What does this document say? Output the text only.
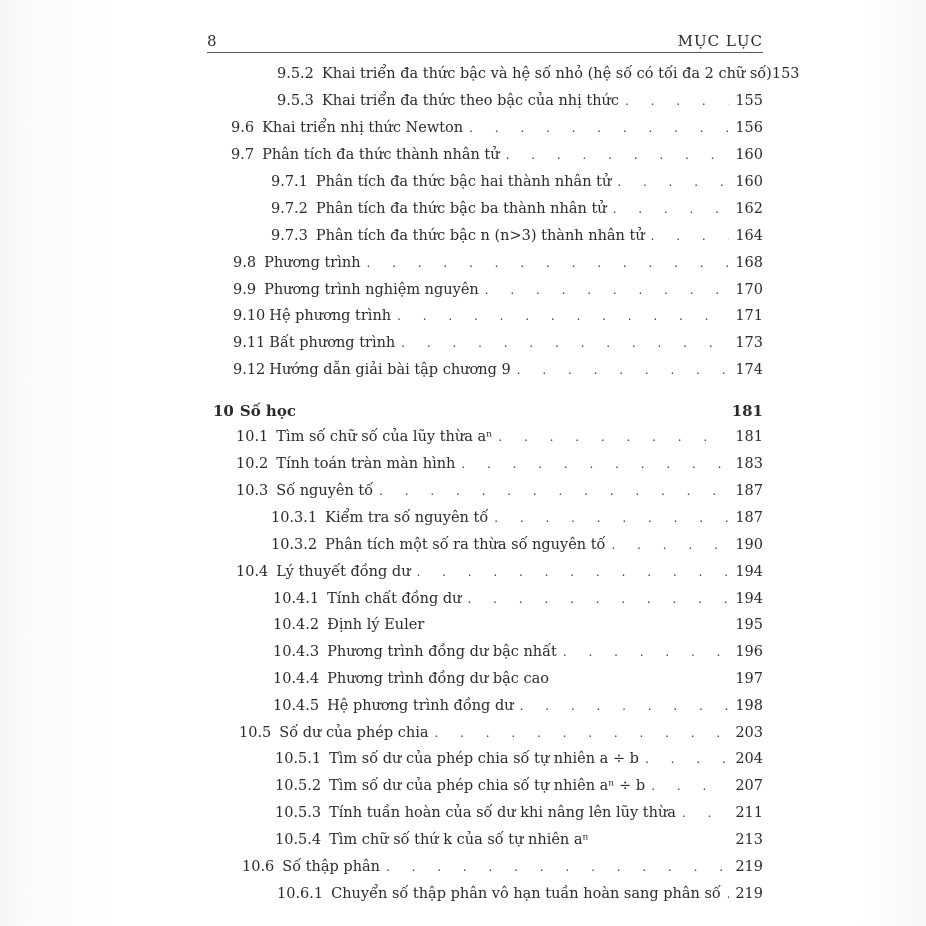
8	MỤC LỤC
9.5.2 Khai triển đa thức bậc và hệ số nhỏ (hệ số có tối đa 2 chữ số) 153
9.5.3 Khai triển đa thức theo bậc của nhị thức . . .	155
9.6 Khai triển nhị thức Newton . . .	156
9.7 Phân tích đa thức thành nhân tử . . .	160
9.7.1 Phân tích đa thức bậc hai thành nhân tử . . .	160
9.7.2 Phân tích đa thức bậc ba thành nhân tử . . .	162
9.7.3 Phân tích đa thức bậc n (n>3) thành nhân tử . . .	164
9.8 Phương trình . . .	168
9.9 Phương trình nghiệm nguyên . . .	170
9.10 Hệ phương trình . . .	171
9.11 Bất phương trình . . .	173
9.12 Hướng dẫn giải bài tập chương 9 . . .	174
10 Số học	181
10.1 Tìm số chữ số của lũy thừa aⁿ . . .	181
10.2 Tính toán tràn màn hình . . .	183
10.3 Số nguyên tố . . .	187
10.3.1 Kiểm tra số nguyên tố . . .	187
10.3.2 Phân tích một số ra thừa số nguyên tố . . .	190
10.4 Lý thuyết đồng dư . . .	194
10.4.1 Tính chất đồng dư . . .	194
10.4.2 Định lý Euler	195
10.4.3 Phương trình đồng dư bậc nhất . . .	196
10.4.4 Phương trình đồng dư bậc cao	197
10.4.5 Hệ phương trình đồng dư . . .	198
10.5 Số dư của phép chia . . .	203
10.5.1 Tìm số dư của phép chia số tự nhiên a ÷ b . . .	204
10.5.2 Tìm số dư của phép chia số tự nhiên aⁿ ÷ b . . .	207
10.5.3 Tính tuần hoàn của số dư khi nâng lên lũy thừa . . .	211
10.5.4 Tìm chữ số thứ k của số tự nhiên aⁿ	213
10.6 Số thập phân . . .	219
10.6.1 Chuyển số thập phân vô hạn tuần hoàn sang phân số . . . 219
